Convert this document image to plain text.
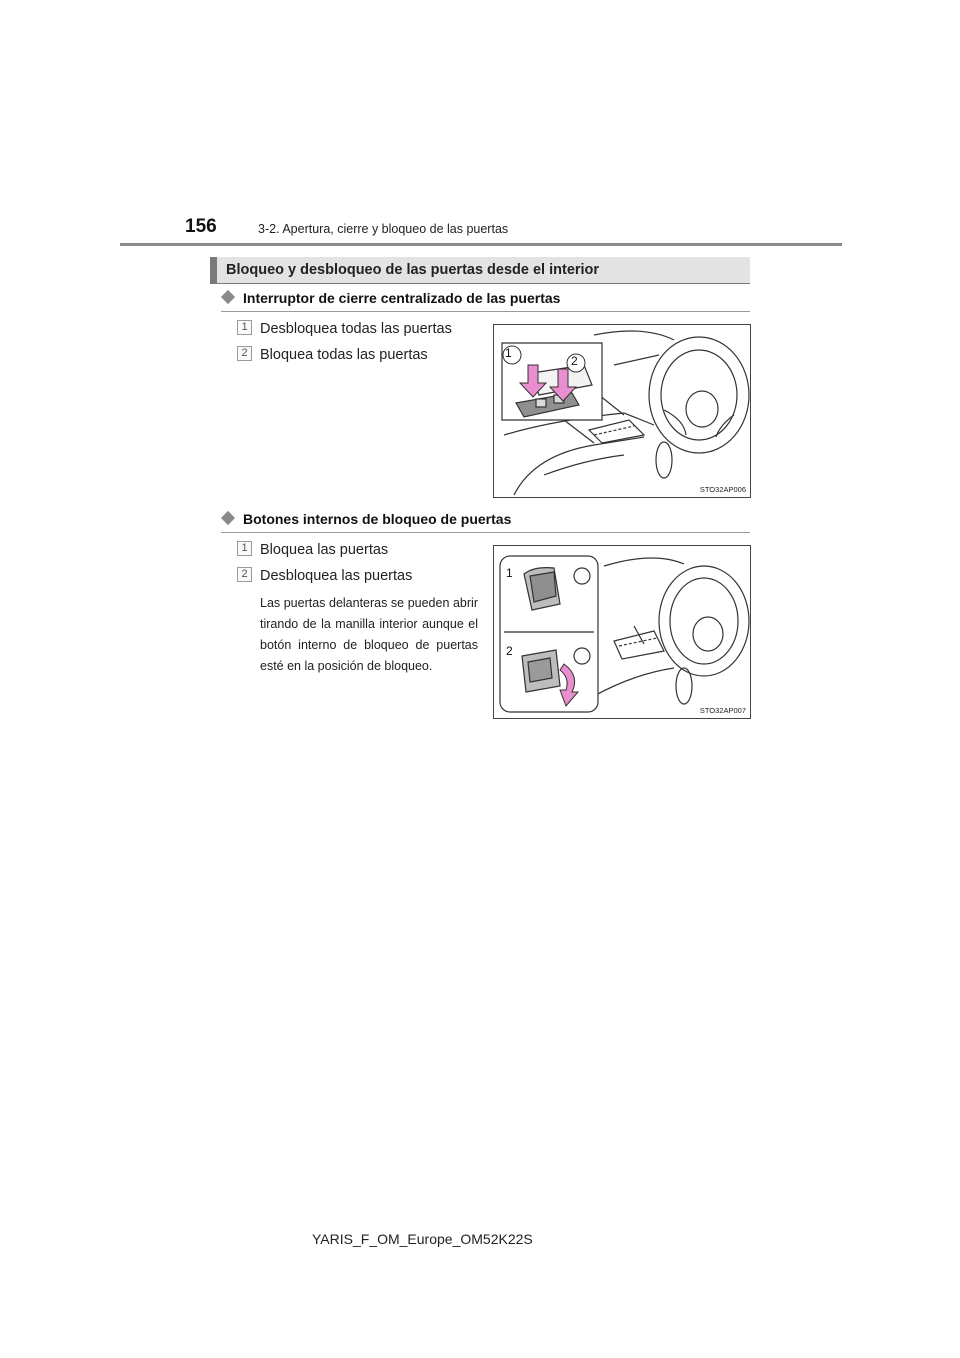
156	3-2. Apertura, cierre y bloqueo de las puertas
Bloqueo y desbloqueo de las puertas desde el interior
Interruptor de cierre centralizado de las puertas
1 Desbloquea todas las puertas
2 Bloquea todas las puertas	1
2
STO32AP006
Botones internos de bloqueo de puertas
1 Bloquea las puertas
2 Desbloquea las puertas
Las puertas delanteras se pueden abrir tirando de la manilla interior aunque el botón interno de bloqueo de puertas esté en la posición de bloqueo.
1
2
STO32AP007
YARIS_F_OM_Europe_OM52K22S
